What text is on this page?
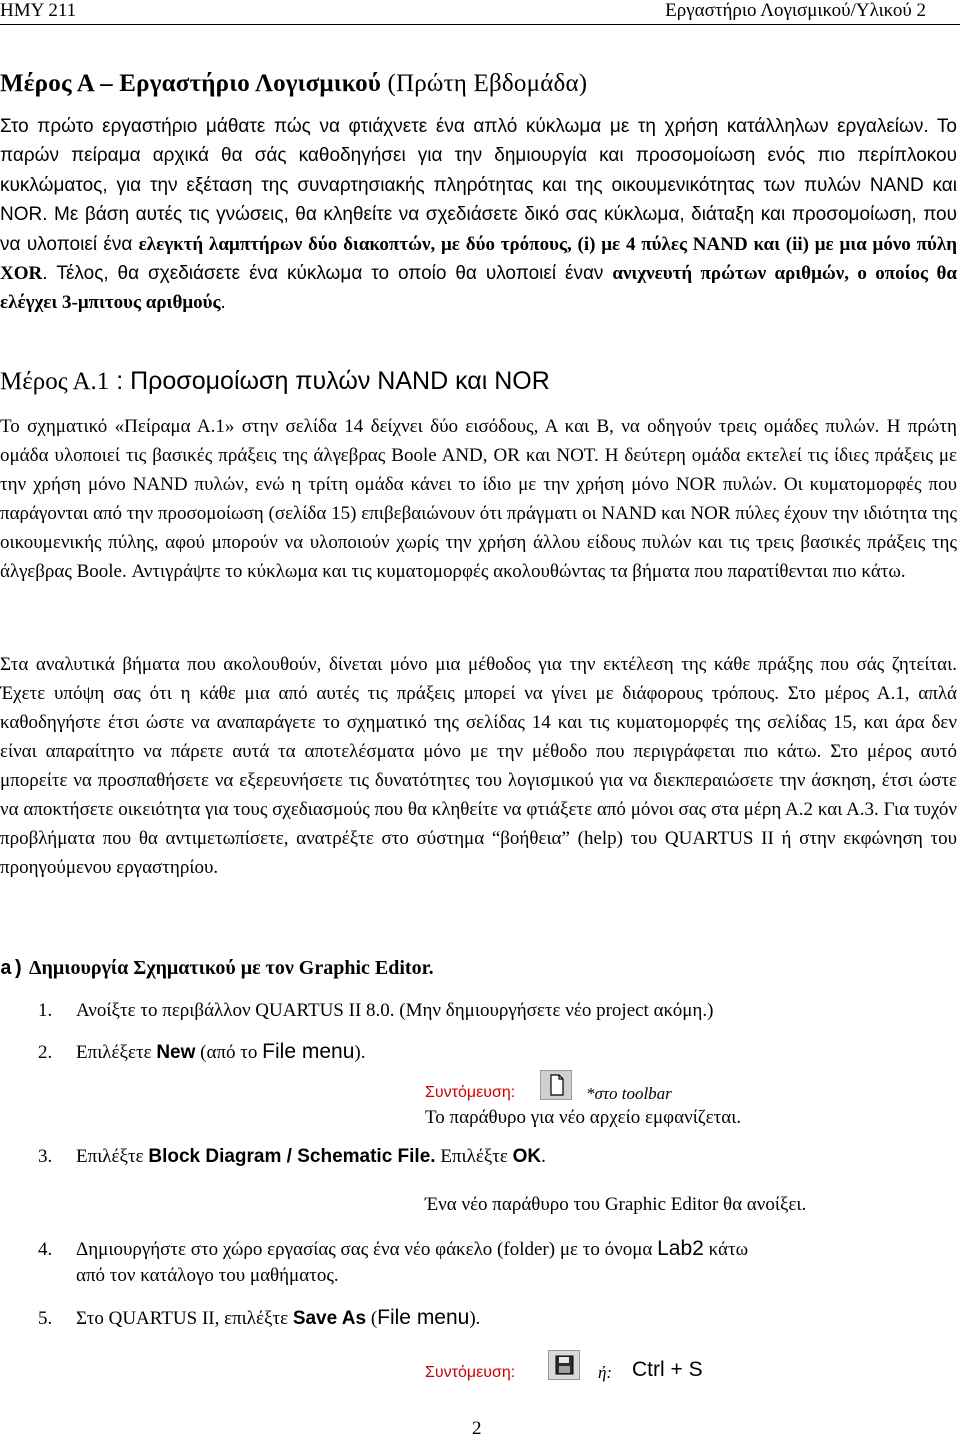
HMY 211	Εργαστήριο Λογισμικού/Υλικού 2
Μέρος Α – Εργαστήριο Λογισμικού (Πρώτη Εβδομάδα)
Στο πρώτο εργαστήριο μάθατε πώς να φτιάχνετε ένα απλό κύκλωμα με τη χρήση κατάλληλων εργαλείων. Το παρών πείραμα αρχικά θα σάς καθοδηγήσει για την δημιουργία και προσομοίωση ενός πιο περίπλοκου κυκλώματος, για την εξέταση της συναρτησιακής πληρότητας και της οικουμενικότητας των πυλών NAND και NOR. Με βάση αυτές τις γνώσεις, θα κληθείτε να σχεδιάσετε δικό σας κύκλωμα, διάταξη και προσομοίωση, που να υλοποιεί ένα ελεγκτή λαμπτήρων δύο διακοπτών, με δύο τρόπους, (i) με 4 πύλες NAND και (ii) με μια μόνο πύλη XOR. Τέλος, θα σχεδιάσετε ένα κύκλωμα το οποίο θα υλοποιεί έναν ανιχνευτή πρώτων αριθμών, ο οποίος θα ελέγχει 3-μπιτους αριθμούς.
Μέρος Α.1 : Προσομοίωση πυλών NAND και NOR
Το σχηματικό «Πείραμα Α.1» στην σελίδα 14 δείχνει δύο εισόδους, Α και Β, να οδηγούν τρεις ομάδες πυλών. Η πρώτη ομάδα υλοποιεί τις βασικές πράξεις της άλγεβρας Boole AND, OR και NOT. Η δεύτερη ομάδα εκτελεί τις ίδιες πράξεις με την χρήση μόνο NAND πυλών, ενώ η τρίτη ομάδα κάνει το ίδιο με την χρήση μόνο NOR πυλών. Οι κυματομορφές που παράγονται από την προσομοίωση (σελίδα 15) επιβεβαιώνουν ότι πράγματι οι NAND και NOR πύλες έχουν την ιδιότητα της οικουμενικής πύλης, αφού μπορούν να υλοποιούν χωρίς την χρήση άλλου είδους πυλών και τις τρεις βασικές πράξεις της άλγεβρας Boole. Αντιγράψτε το κύκλωμα και τις κυματομορφές ακολουθώντας τα βήματα που παρατίθενται πιο κάτω.
Στα αναλυτικά βήματα που ακολουθούν, δίνεται μόνο μια μέθοδος για την εκτέλεση της κάθε πράξης που σάς ζητείται. Έχετε υπόψη σας ότι η κάθε μια από αυτές τις πράξεις μπορεί να γίνει με διάφορους τρόπους. Στο μέρος Α.1, απλά καθοδηγήστε έτσι ώστε να αναπαράγετε το σχηματικό της σελίδας 14 και τις κυματομορφές της σελίδας 15, και άρα δεν είναι απαραίτητο να πάρετε αυτά τα αποτελέσματα μόνο με την μέθοδο που περιγράφεται πιο κάτω. Στο μέρος αυτό μπορείτε να προσπαθήσετε να εξερευνήσετε τις δυνατότητες του λογισμικού για να διεκπεραιώσετε την άσκηση, έτσι ώστε να αποκτήσετε οικειότητα για τους σχεδιασμούς που θα κληθείτε να φτιάξετε από μόνοι σας στα μέρη Α.2 και Α.3. Για τυχόν προβλήματα που θα αντιμετωπίσετε, ανατρέξτε στο σύστημα “βοήθεια” (help) του QUARTUS II ή στην εκφώνηση του προηγούμενου εργαστηρίου.
a) Δημιουργία Σχηματικού με τον Graphic Editor.
1. Ανοίξτε το περιβάλλον QUARTUS II 8.0. (Μην δημιουργήσετε νέο project ακόμη.)
2. Επιλέξετε New (από το File menu).
Συντόμευση:	*στο toolbar
Το παράθυρο για νέο αρχείο εμφανίζεται.
3. Επιλέξτε Block Diagram / Schematic File. Επιλέξτε OK.
Ένα νέο παράθυρο του Graphic Editor θα ανοίξει.
4. Δημιουργήστε στο χώρο εργασίας σας ένα νέο φάκελο (folder) με το όνομα Lab2 κάτω
από τον κατάλογο του μαθήματος.
5. Στο QUARTUS II, επιλέξτε Save As (File menu).
Συντόμευση:	ή: Ctrl + S
2
